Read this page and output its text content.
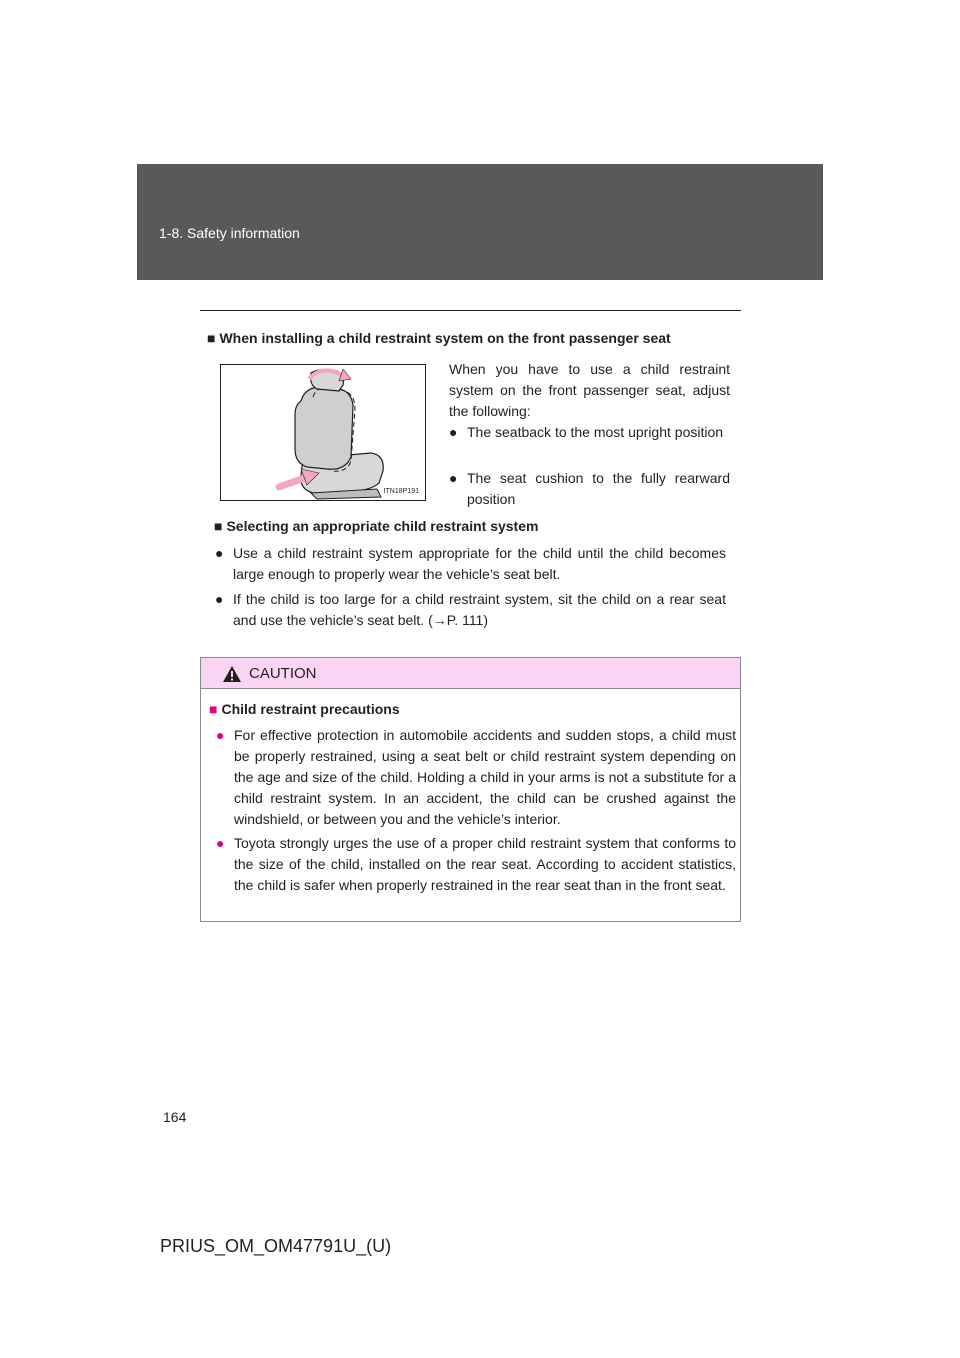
1-8. Safety information
■ When installing a child restraint system on the front passenger seat
ITN18P191
When you have to use a child restraint system on the front passenger seat, adjust the following:
● The seatback to the most upright position
● The seat cushion to the fully rearward position
■ Selecting an appropriate child restraint system
● Use a child restraint system appropriate for the child until the child becomes large enough to properly wear the vehicle’s seat belt.
● If the child is too large for a child restraint system, sit the child on a rear seat and use the vehicle’s seat belt. (→P. 111)
CAUTION
■ Child restraint precautions
● For effective protection in automobile accidents and sudden stops, a child must be properly restrained, using a seat belt or child restraint system depending on the age and size of the child. Holding a child in your arms is not a substitute for a child restraint system. In an accident, the child can be crushed against the windshield, or between you and the vehicle’s interior.
● Toyota strongly urges the use of a proper child restraint system that conforms to the size of the child, installed on the rear seat. According to accident statistics, the child is safer when properly restrained in the rear seat than in the front seat.
164
PRIUS_OM_OM47791U_(U)
